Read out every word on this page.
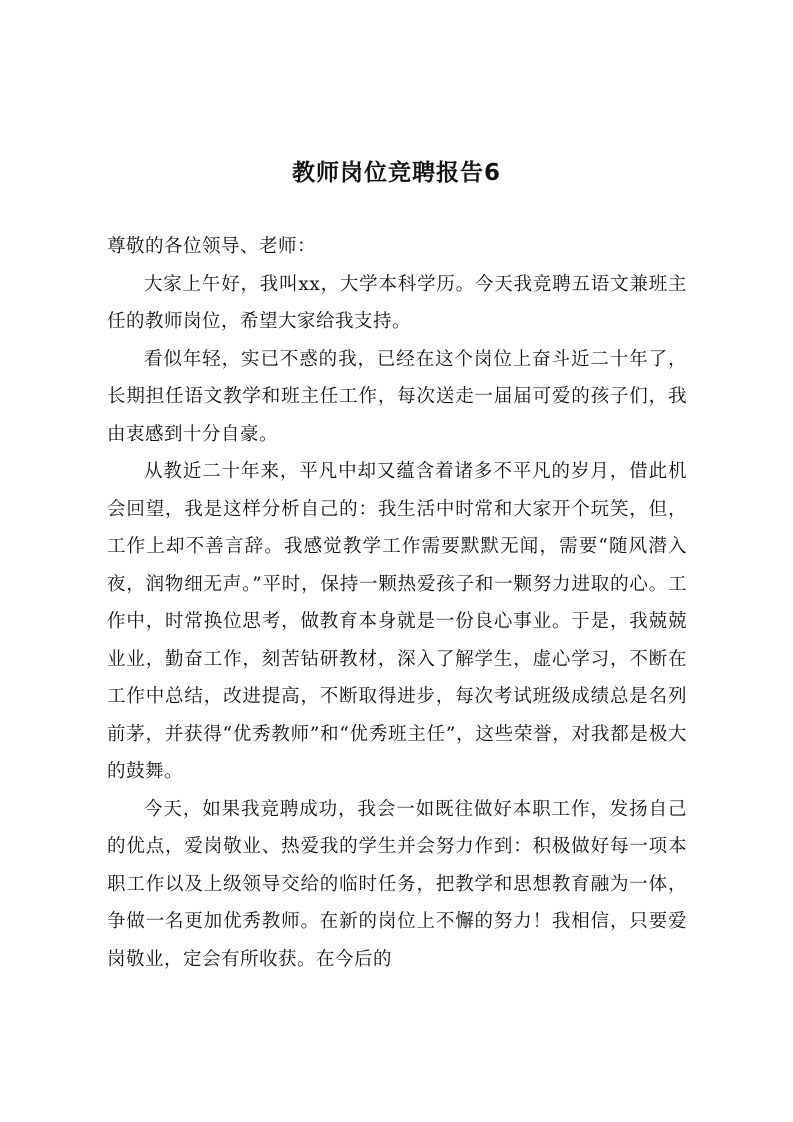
教师岗位竞聘报告6

尊敬的各位领导、老师：

大家上午好，我叫xx，大学本科学历。今天我竞聘五语文兼班主任的教师岗位，希望大家给我支持。

看似年轻，实已不惑的我，已经在这个岗位上奋斗近二十年了，长期担任语文教学和班主任工作，每次送走一届届可爱的孩子们，我由衷感到十分自豪。

从教近二十年来，平凡中却又蕴含着诸多不平凡的岁月，借此机会回望，我是这样分析自己的：我生活中时常和大家开个玩笑，但，工作上却不善言辞。我感觉教学工作需要默默无闻，需要“随风潜入夜，润物细无声。”平时，保持一颗热爱孩子和一颗努力进取的心。工作中，时常换位思考，做教育本身就是一份良心事业。于是，我兢兢业业，勤奋工作，刻苦钻研教材，深入了解学生，虚心学习，不断在工作中总结，改进提高，不断取得进步，每次考试班级成绩总是名列前茅，并获得“优秀教师”和“优秀班主任”，这些荣誉，对我都是极大的鼓舞。

今天，如果我竞聘成功，我会一如既往做好本职工作，发扬自己的优点，爱岗敬业、热爱我的学生并会努力作到：积极做好每一项本职工作以及上级领导交给的临时任务，把教学和思想教育融为一体，争做一名更加优秀教师。在新的岗位上不懈的努力！我相信，只要爱岗敬业，定会有所收获。在今后的
